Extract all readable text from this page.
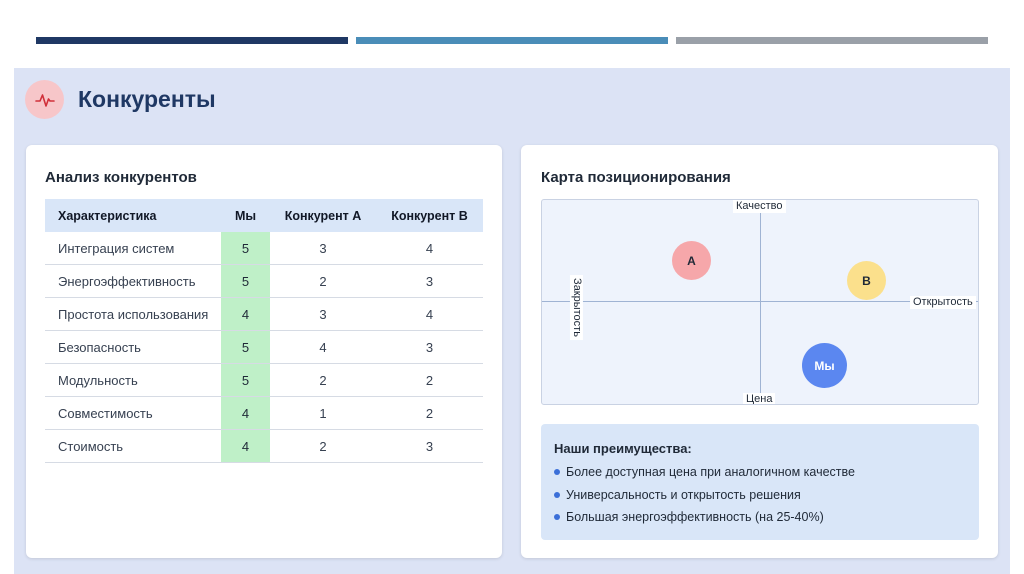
Конкуренты
Анализ конкурентов
Характеристика	Мы	Конкурент А	Конкурент В
Интеграция систем	5	3	4
Энергоэффективность	5	2	3
Простота использования	4	3	4
Безопасность	5	4	3
Модульность	5	2	2
Совместимость	4	1	2
Стоимость	4	2	3
Карта позиционирования
Качество
Цена
Открытость
Закрытость
А
В
Мы
Наши преимущества:
Более доступная цена при аналогичном качестве
Универсальность и открытость решения
Большая энергоэффективность (на 25-40%)
